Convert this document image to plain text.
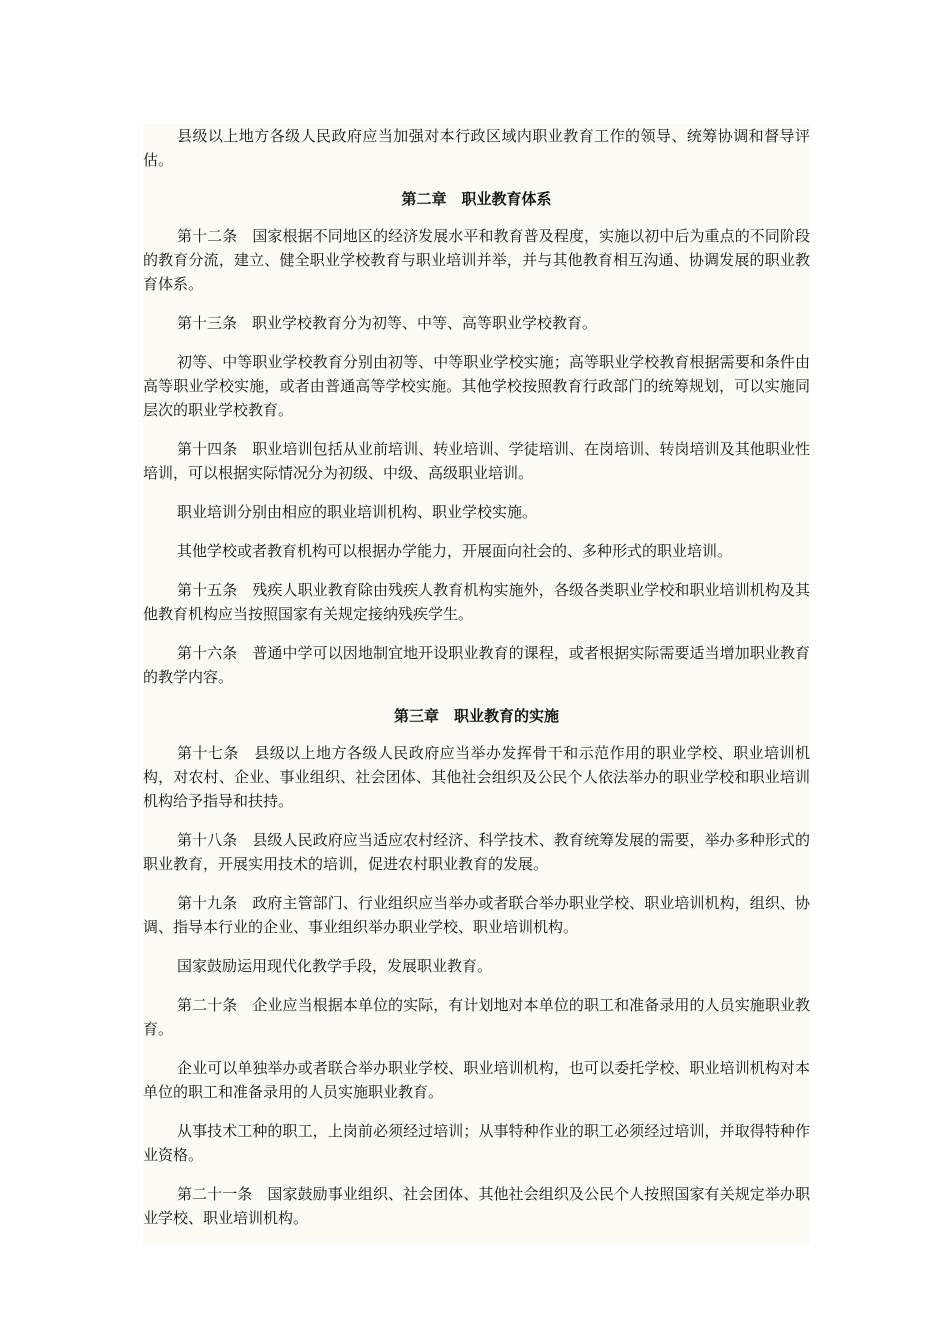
县级以上地方各级人民政府应当加强对本行政区域内职业教育工作的领导、统筹协调和督导评估。

第二章　职业教育体系

第十二条　国家根据不同地区的经济发展水平和教育普及程度，实施以初中后为重点的不同阶段的教育分流，建立、健全职业学校教育与职业培训并举，并与其他教育相互沟通、协调发展的职业教育体系。

第十三条　职业学校教育分为初等、中等、高等职业学校教育。

初等、中等职业学校教育分别由初等、中等职业学校实施；高等职业学校教育根据需要和条件由高等职业学校实施，或者由普通高等学校实施。其他学校按照教育行政部门的统筹规划，可以实施同层次的职业学校教育。

第十四条　职业培训包括从业前培训、转业培训、学徒培训、在岗培训、转岗培训及其他职业性培训，可以根据实际情况分为初级、中级、高级职业培训。

职业培训分别由相应的职业培训机构、职业学校实施。

其他学校或者教育机构可以根据办学能力，开展面向社会的、多种形式的职业培训。

第十五条　残疾人职业教育除由残疾人教育机构实施外，各级各类职业学校和职业培训机构及其他教育机构应当按照国家有关规定接纳残疾学生。

第十六条　普通中学可以因地制宜地开设职业教育的课程，或者根据实际需要适当增加职业教育的教学内容。

第三章　职业教育的实施

第十七条　县级以上地方各级人民政府应当举办发挥骨干和示范作用的职业学校、职业培训机构，对农村、企业、事业组织、社会团体、其他社会组织及公民个人依法举办的职业学校和职业培训机构给予指导和扶持。

第十八条　县级人民政府应当适应农村经济、科学技术、教育统筹发展的需要，举办多种形式的职业教育，开展实用技术的培训，促进农村职业教育的发展。

第十九条　政府主管部门、行业组织应当举办或者联合举办职业学校、职业培训机构，组织、协调、指导本行业的企业、事业组织举办职业学校、职业培训机构。

国家鼓励运用现代化教学手段，发展职业教育。

第二十条　企业应当根据本单位的实际，有计划地对本单位的职工和准备录用的人员实施职业教育。

企业可以单独举办或者联合举办职业学校、职业培训机构，也可以委托学校、职业培训机构对本单位的职工和准备录用的人员实施职业教育。

从事技术工种的职工，上岗前必须经过培训；从事特种作业的职工必须经过培训，并取得特种作业资格。

第二十一条　国家鼓励事业组织、社会团体、其他社会组织及公民个人按照国家有关规定举办职业学校、职业培训机构。
